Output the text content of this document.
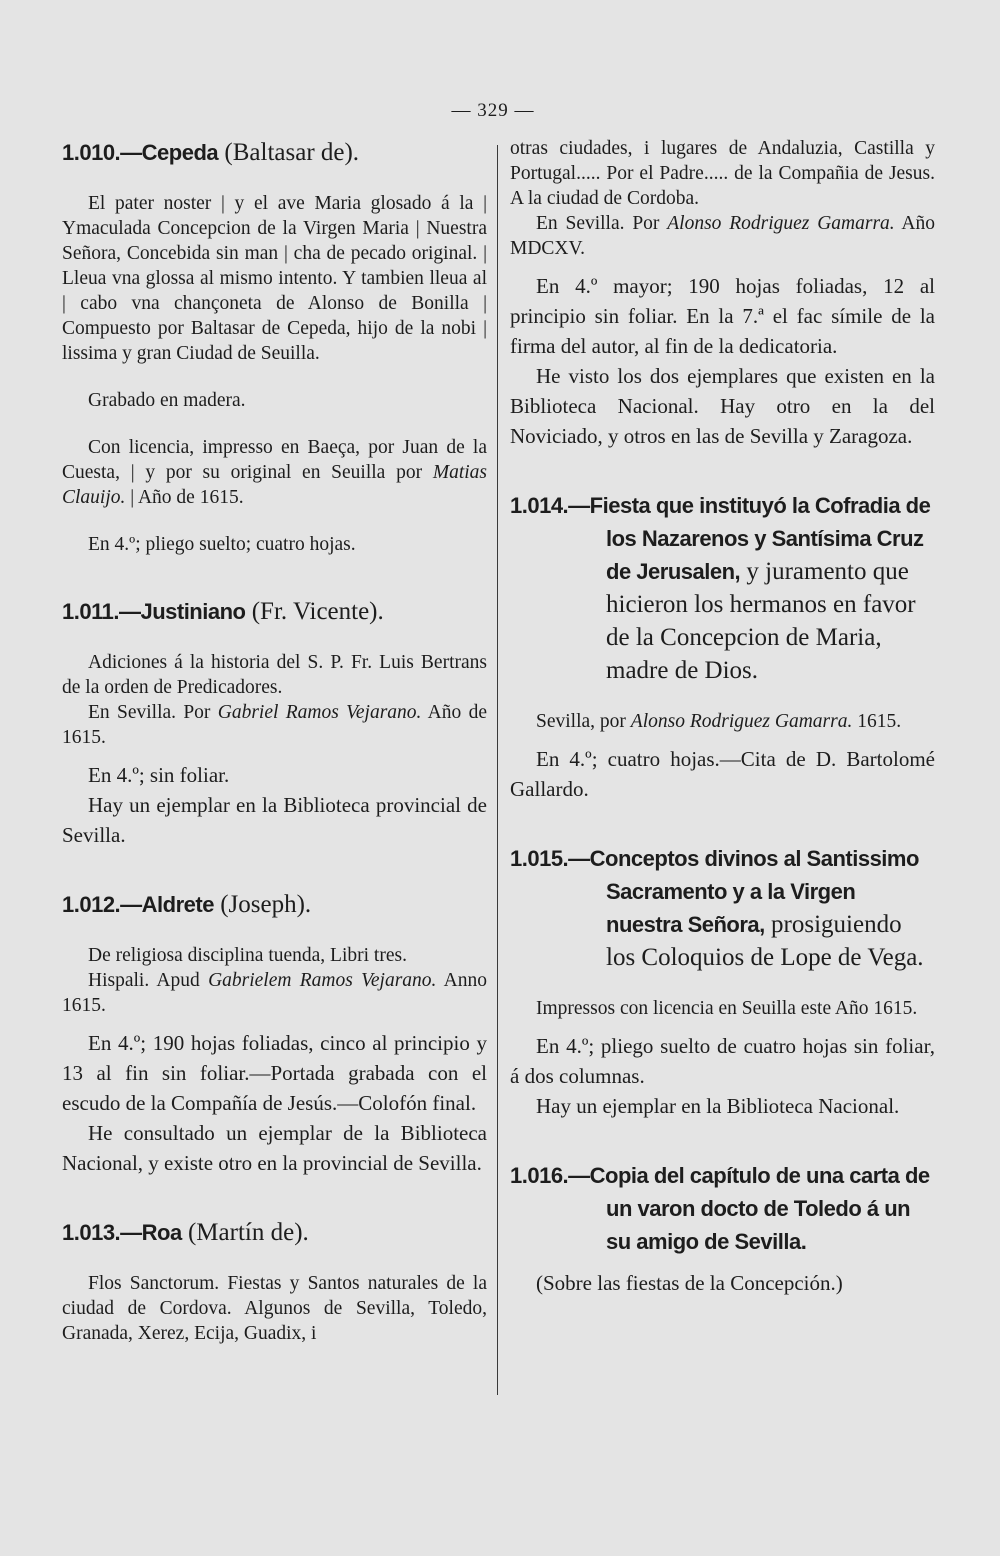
— 329 —

1.010.—Cepeda (Baltasar de).

El pater noster | y el ave Maria glosado á la | Ymaculada Concepcion de la Virgen Maria | Nuestra Señora, Concebida sin man | cha de pecado original. | Lleua vna glossa al mismo intento. Y tambien lleua al | cabo vna chançoneta de Alonso de Bonilla | Compuesto por Baltasar de Cepeda, hijo de la nobi | lissima y gran Ciudad de Seuilla.

Grabado en madera.

Con licencia, impresso en Baeça, por Juan de la Cuesta, | y por su original en Seuilla por Matias Clauijo. | Año de 1615.

En 4.º; pliego suelto; cuatro hojas.

1.011.—Justiniano (Fr. Vicente).

Adiciones á la historia del S. P. Fr. Luis Bertrans de la orden de Predicadores.

En Sevilla. Por Gabriel Ramos Vejarano. Año de 1615.

En 4.º; sin foliar.

Hay un ejemplar en la Biblioteca provincial de Sevilla.

1.012.—Aldrete (Joseph).

De religiosa disciplina tuenda, Libri tres.

Hispali. Apud Gabrielem Ramos Vejarano. Anno 1615.

En 4.º; 190 hojas foliadas, cinco al principio y 13 al fin sin foliar.—Portada grabada con el escudo de la Compañía de Jesús.—Colofón final.

He consultado un ejemplar de la Biblioteca Nacional, y existe otro en la provincial de Sevilla.

1.013.—Roa (Martín de).

Flos Sanctorum. Fiestas y Santos naturales de la ciudad de Cordova. Algunos de Sevilla, Toledo, Granada, Xerez, Ecija, Guadix, i

otras ciudades, i lugares de Andaluzia, Castilla y Portugal..... Por el Padre..... de la Compañia de Jesus. A la ciudad de Cordoba.

En Sevilla. Por Alonso Rodriguez Gamarra. Año MDCXV.

En 4.º mayor; 190 hojas foliadas, 12 al principio sin foliar. En la 7.ª el fac símile de la firma del autor, al fin de la dedicatoria.

He visto los dos ejemplares que existen en la Biblioteca Nacional. Hay otro en la del Noviciado, y otros en las de Sevilla y Zaragoza.

1.014.—Fiesta que instituyó la Cofradia de los Nazarenos y Santísima Cruz de Jerusalen, y juramento que hicieron los hermanos en favor de la Concepcion de Maria, madre de Dios.

Sevilla, por Alonso Rodriguez Gamarra. 1615.

En 4.º; cuatro hojas.—Cita de D. Bartolomé Gallardo.

1.015.—Conceptos divinos al Santissimo Sacramento y a la Virgen nuestra Señora, prosiguiendo los Coloquios de Lope de Vega.

Impressos con licencia en Seuilla este Año 1615.

En 4.º; pliego suelto de cuatro hojas sin foliar, á dos columnas.

Hay un ejemplar en la Biblioteca Nacional.

1.016.—Copia del capítulo de una carta de un varon docto de Toledo á un su amigo de Sevilla.

(Sobre las fiestas de la Concepción.)
